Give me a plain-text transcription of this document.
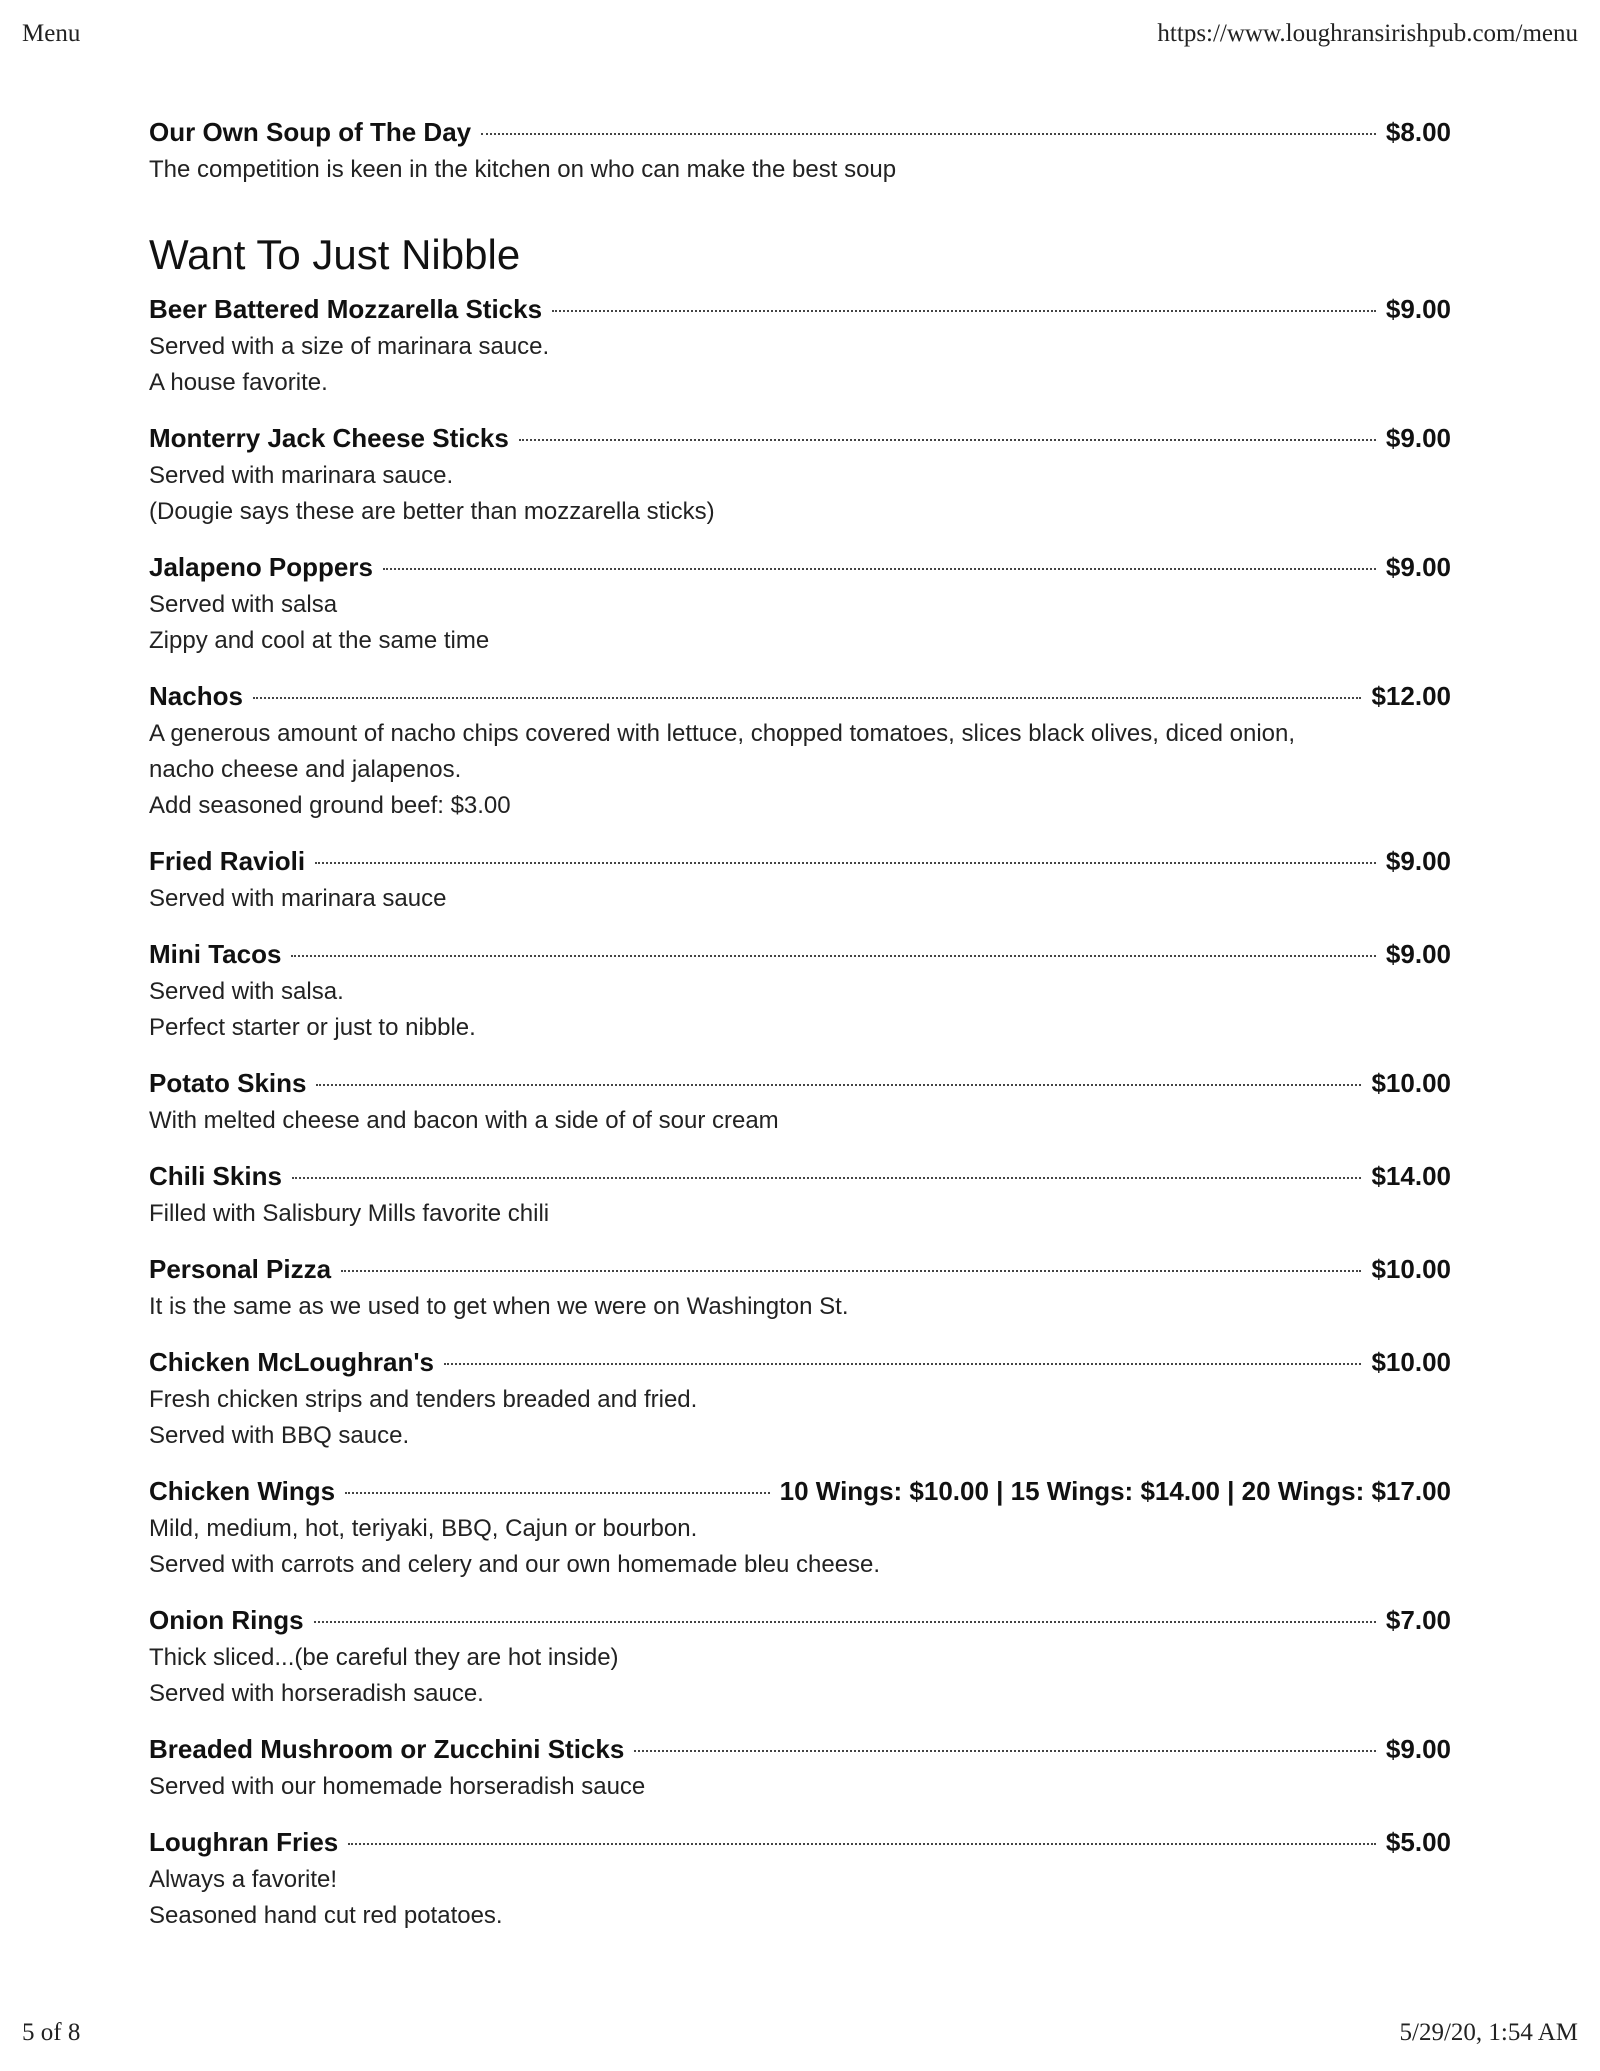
Menu	https://www.loughransirishpub.com/menu
Our Own Soup of The Day	$8.00
The competition is keen in the kitchen on who can make the best soup
Want To Just Nibble
Beer Battered Mozzarella Sticks	$9.00
Served with a size of marinara sauce.
A house favorite.
Monterry Jack Cheese Sticks	$9.00
Served with marinara sauce.
(Dougie says these are better than mozzarella sticks)
Jalapeno Poppers	$9.00
Served with salsa
Zippy and cool at the same time
Nachos	$12.00
A generous amount of nacho chips covered with lettuce, chopped tomatoes, slices black olives, diced onion,
nacho cheese and jalapenos.
Add seasoned ground beef: $3.00
Fried Ravioli	$9.00
Served with marinara sauce
Mini Tacos	$9.00
Served with salsa.
Perfect starter or just to nibble.
Potato Skins	$10.00
With melted cheese and bacon with a side of of sour cream
Chili Skins	$14.00
Filled with Salisbury Mills favorite chili
Personal Pizza	$10.00
It is the same as we used to get when we were on Washington St.
Chicken McLoughran's	$10.00
Fresh chicken strips and tenders breaded and fried.
Served with BBQ sauce.
Chicken Wings	10 Wings: $10.00 | 15 Wings: $14.00 | 20 Wings: $17.00
Mild, medium, hot, teriyaki, BBQ, Cajun or bourbon.
Served with carrots and celery and our own homemade bleu cheese.
Onion Rings	$7.00
Thick sliced...(be careful they are hot inside)
Served with horseradish sauce.
Breaded Mushroom or Zucchini Sticks	$9.00
Served with our homemade horseradish sauce
Loughran Fries	$5.00
Always a favorite!
Seasoned hand cut red potatoes.
5 of 8	5/29/20, 1:54 AM
